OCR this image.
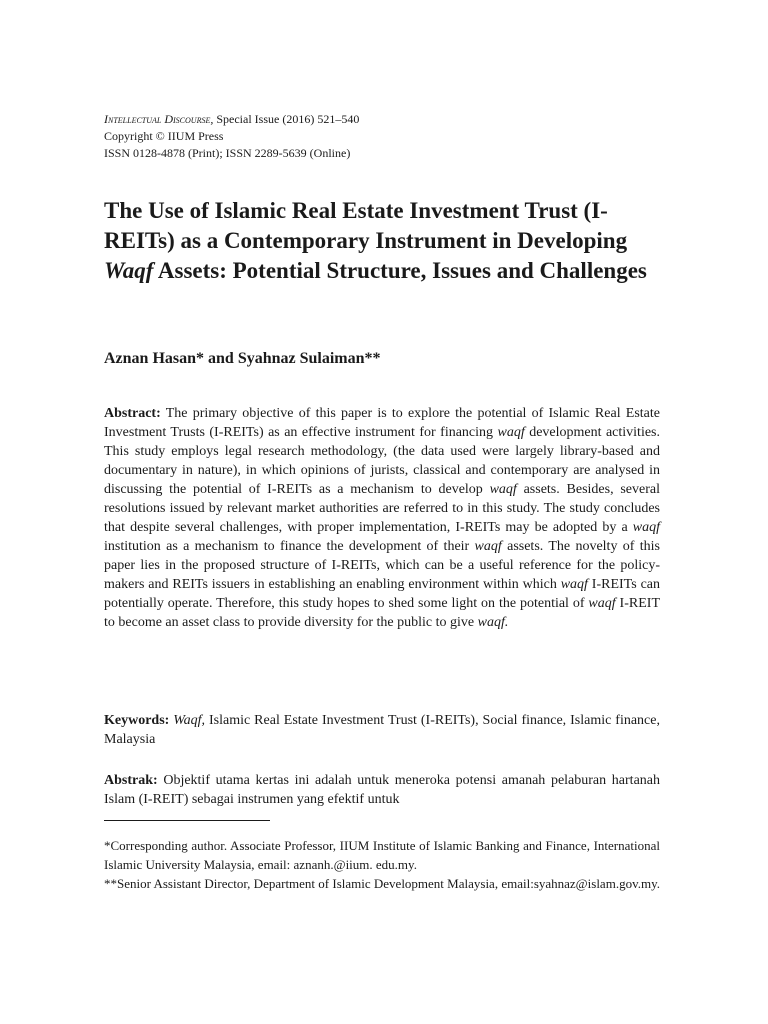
Intellectual Discourse, Special Issue (2016) 521–540
Copyright © IIUM Press
ISSN 0128-4878 (Print); ISSN 2289-5639 (Online)
The Use of Islamic Real Estate Investment Trust (I-REITs) as a Contemporary Instrument in Developing Waqf Assets: Potential Structure, Issues and Challenges
Aznan Hasan* and Syahnaz Sulaiman**
Abstract: The primary objective of this paper is to explore the potential of Islamic Real Estate Investment Trusts (I-REITs) as an effective instrument for financing waqf development activities. This study employs legal research methodology, (the data used were largely library-based and documentary in nature), in which opinions of jurists, classical and contemporary are analysed in discussing the potential of I-REITs as a mechanism to develop waqf assets. Besides, several resolutions issued by relevant market authorities are referred to in this study. The study concludes that despite several challenges, with proper implementation, I-REITs may be adopted by a waqf institution as a mechanism to finance the development of their waqf assets. The novelty of this paper lies in the proposed structure of I-REITs, which can be a useful reference for the policy-makers and REITs issuers in establishing an enabling environment within which waqf I-REITs can potentially operate. Therefore, this study hopes to shed some light on the potential of waqf I-REIT to become an asset class to provide diversity for the public to give waqf.
Keywords: Waqf, Islamic Real Estate Investment Trust (I-REITs), Social finance, Islamic finance, Malaysia
Abstrak: Objektif utama kertas ini adalah untuk meneroka potensi amanah pelaburan hartanah Islam (I-REIT) sebagai instrumen yang efektif untuk

*Corresponding author. Associate Professor, IIUM Institute of Islamic Banking and Finance, International Islamic University Malaysia, email: aznanh.@iium. edu.my.

**Senior Assistant Director, Department of Islamic Development Malaysia, email:syahnaz@islam.gov.my.
